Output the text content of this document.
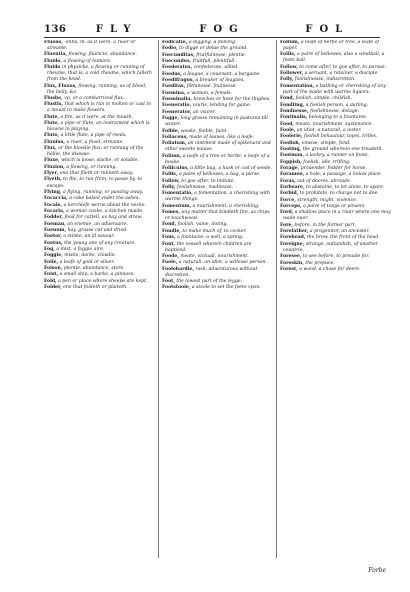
136	FLY	FOG	FOL
Fluens, -entis, m. as it were, a riuer or streame.
Fluentia, flowing, fluencie, abundance.
Fluido, a flowing of humors.
Fluido in physicke, a flowing or running of rheume, that is, a cold rheume, which falleth from the head.
Flux, Fluxus, flowing, running, as of blood, the belly, &c.
Flushe, vp, or a combarriced flux.
Flustix, that which is run in molten or cast in a mould to make flowers.
Flute, a fire, as it were, at the mouth.
Flute, a pipe or flute, an instrument which is blowne in playing.
Fluto, a little flute, a pipe of reeds.
Fluuius, a riuer, a flood, streame.
Flux, or the bloodie flux, or running of the bellie, the disease.
Fluxe, which is loose, slacke, or soluble.
Fluxion, a flowing, or running.
Flyer, one that flieth or runneth away.
Flyeth, to flie, to run from, to passe by, to escape.
Flying, a flying, running, or passing away.
Focaccia, a cake baked vnder the ashes.
Focale, a kerchiefe worne about the necke.
Focaria, a woman cooke, a kitchen maide.
Fodder, food for cattell, as hay and straw.
Foeman, an enemie, an aduersarie.
Foenum, hay, grasse cut and dried.
Foetor, a stinke, an ill sauour.
Foetus, the young one of any creature.
Fog, a mist, a foggie aire.
Foggie, mistie, darke, cloudie.
Foile, a leafe of gold or siluer.
Foison, plentie, abundance, store.
Foist, a small ship, a barke, a pinnace.
Fold, a pen or place where sheepe are kept.
Folder, one that foldeth or plaiteth.
Fodicatio, a digging, a delving.
Fodio, to digge or delue the ground.
Foecunditas, fruitfulnesse, plentie.
Foecundus, fruitfull, plentifull.
Foederatus, confederate, allied.
Foedus, a league, a couenant, a bargaine.
Foedifragus, a breaker of leagues.
Foeditas, filthinesse, foulnesse.
Foemina, a woman, a female.
Foeminalia, breeches or hose for the thighes.
Foeneratio, vsurie, lending for gaine.
Foenerator, an vsurer.
Fogge, long grasse remaining in pastures till winter.
Foible, weake, feeble, faint.
Foliaceus, made of leaues, like a leafe.
Foliatum, an ointment made of spikenard and other sweete leaues.
Folium, a leafe of a tree or herbe, a leafe of a booke.
Folliculus, a little bag, a husk or cod of seede.
Follis, a paire of bellowes, a bag, a purse.
Follow, to goe after, to imitate.
Folly, foolishnesse, madnesse.
Fomentatio, a fomentation, a cherishing with warme things.
Fomentum, a nourishment, a cherishing.
Fomes, any matter that kindleth fire, as chips or touchwood.
Fond, foolish, vaine, doting.
Fondle, to make much of, to cocker.
Fons, a fountaine, a well, a spring.
Font, the vessell wherein children are baptized.
Foode, meate, victuall, nourishment.
Foole, a naturall, an idiot, a witlesse person.
Foolehardie, rash, aduenturous without discretion.
Foot, the lowest part of the legge.
Footstoole, a stoole to set the feete vpon.
Folium, a leafe of herbe or tree, a leafe of paper.
Follis, a paire of bellowes, also a windball, a foote ball.
Follow, to come after, to goe after, to pursue.
Follower, a seruant, a retainer, a disciple.
Folly, foolishnesse, indiscretion.
Fomentation, a bathing or cherishing of any part of the bodie with warme liquors.
Fond, foolish, simple, childish.
Fondling, a foolish person, a darling.
Fondnesse, foolishnesse, dotage.
Fontinalis, belonging to a fountaine.
Food, meate, nourishment, sustenance.
Foole, an idiot, a naturall, a iester.
Foolerie, foolish behauiour, toyes, trifles.
Foolish, vnwise, simple, fond.
Footing, the ground whereon one treadeth.
Footman, a lackey, a runner on foote.
Foppish, foolish, idle, trifling.
Forage, prouender, fodder for horse.
Foramen, a hole, a passage, a holow place.
Foras, out of doores, abroade.
Forbeare, to abstaine, to let alone, to spare.
Forbid, to prohibite, to charge not to doe.
Force, strength, might, violence.
Forceps, a paire of tongs or pinsers.
Ford, a shallow place in a riuer where one may wade ouer.
Fore, before, in the former part.
Forefather, a progenitor, an ancestor.
Forehead, the brow, the front of the head.
Foreigne, strange, outlandish, of another countrie.
Foresee, to see before, to prouide for.
Foreskin, the prepuce.
Forest, a wood, a chase for deere.
Forbe
